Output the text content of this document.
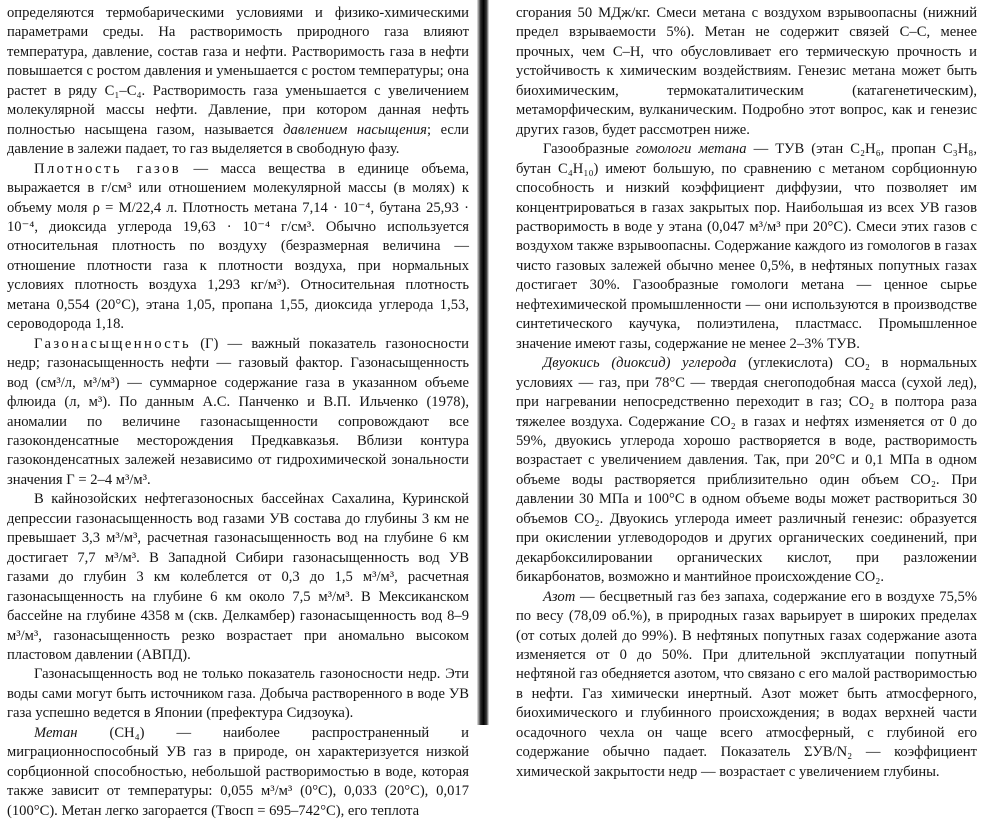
определяются термобарическими условиями и физико-химическими параметрами среды. На растворимость природного газа влияют температура, давление, состав газа и нефти. Растворимость газа в нефти повышается с ростом давления и уменьшается с ростом температуры; она растет в ряду C₁–C₄. Растворимость газа уменьшается с увеличением молекулярной массы нефти. Давление, при котором данная нефть полностью насыщена газом, называется давлением насыщения; если давление в залежи падает, то газ выделяется в свободную фазу.

Плотность газов — масса вещества в единице объема, выражается в г/см³ или отношением молекулярной массы (в молях) к объему моля ρ = M/22,4 л. Плотность метана 7,14 · 10⁻⁴, бутана 25,93 · 10⁻⁴, диоксида углерода 19,63 · 10⁻⁴ г/см³. Обычно используется относительная плотность по воздуху (безразмерная величина — отношение плотности газа к плотности воздуха, при нормальных условиях плотность воздуха 1,293 кг/м³). Относительная плотность метана 0,554 (20°С), этана 1,05, пропана 1,55, диоксида углерода 1,53, сероводорода 1,18.

Газонасыщенность (Г) — важный показатель газоносности недр; газонасыщенность нефти — газовый фактор. Газонасыщенность вод (см³/л, м³/м³) — суммарное содержание газа в указанном объеме флюида (л, м³). По данным А.С. Панченко и В.П. Ильченко (1978), аномалии по величине газонасыщенности сопровождают все газоконденсатные месторождения Предкавказья. Вблизи контура газоконденсатных залежей независимо от гидрохимической зональности значения Г = 2–4 м³/м³.

В кайнозойских нефтегазоносных бассейнах Сахалина, Куринской депрессии газонасыщенность вод газами УВ состава до глубины 3 км не превышает 3,3 м³/м³, расчетная газонасыщенность вод на глубине 6 км достигает 7,7 м³/м³. В Западной Сибири газонасыщенность вод УВ газами до глубин 3 км колеблется от 0,3 до 1,5 м³/м³, расчетная газонасыщенность на глубине 6 км около 7,5 м³/м³. В Мексиканском бассейне на глубине 4358 м (скв. Делкамбер) газонасыщенность вод 8–9 м³/м³, газонасыщенность резко возрастает при аномально высоком пластовом давлении (АВПД).

Газонасыщенность вод не только показатель газоносности недр. Эти воды сами могут быть источником газа. Добыча растворенного в воде УВ газа успешно ведется в Японии (префектура Сидзоука).

Метан (CH₄) — наиболее распространенный и миграционноспособный УВ газ в природе, он характеризуется низкой сорбционной способностью, небольшой растворимостью в воде, которая также зависит от температуры: 0,055 м³/м³ (0°С), 0,033 (20°С), 0,017 (100°С). Метан легко загорается (Tвосп = 695–742°С), его теплота

сгорания 50 МДж/кг. Смеси метана с воздухом взрывоопасны (нижний предел взрываемости 5%). Метан не содержит связей С–С, менее прочных, чем С–Н, что обусловливает его термическую прочность и устойчивость к химическим воздействиям. Генезис метана может быть биохимическим, термокаталитическим (катагенетическим), метаморфическим, вулканическим. Подробно этот вопрос, как и генезис других газов, будет рассмотрен ниже.

Газообразные гомологи метана — ТУВ (этан C₂H₆, пропан C₃H₈, бутан C₄H₁₀) имеют большую, по сравнению с метаном сорбционную способность и низкий коэффициент диффузии, что позволяет им концентрироваться в газах закрытых пор. Наибольшая из всех УВ газов растворимость в воде у этана (0,047 м³/м³ при 20°С). Смеси этих газов с воздухом также взрывоопасны. Содержание каждого из гомологов в газах чисто газовых залежей обычно менее 0,5%, в нефтяных попутных газах достигает 30%. Газообразные гомологи метана — ценное сырье нефтехимической промышленности — они используются в производстве синтетического каучука, полиэтилена, пластмасс. Промышленное значение имеют газы, содержание не менее 2–3% ТУВ.

Двуокись (диоксид) углерода (углекислота) CO₂ в нормальных условиях — газ, при 78°С — твердая снегоподобная масса (сухой лед), при нагревании непосредственно переходит в газ; CO₂ в полтора раза тяжелее воздуха. Содержание CO₂ в газах и нефтях изменяется от 0 до 59%, двуокись углерода хорошо растворяется в воде, растворимость возрастает с увеличением давления. Так, при 20°С и 0,1 МПа в одном объеме воды растворяется приблизительно один объем CO₂. При давлении 30 МПа и 100°С в одном объеме воды может раствориться 30 объемов CO₂. Двуокись углерода имеет различный генезис: образуется при окислении углеводородов и других органических соединений, при декарбоксилировании органических кислот, при разложении бикарбонатов, возможно и мантийное происхождение CO₂.

Азот — бесцветный газ без запаха, содержание его в воздухе 75,5% по весу (78,09 об.%), в природных газах варьирует в широких пределах (от сотых долей до 99%). В нефтяных попутных газах содержание азота изменяется от 0 до 50%. При длительной эксплуатации попутный нефтяной газ обедняется азотом, что связано с его малой растворимостью в нефти. Газ химически инертный. Азот может быть атмосферного, биохимического и глубинного происхождения; в водах верхней части осадочного чехла он чаще всего атмосферный, с глубиной его содержание обычно падает. Показатель ΣУВ/N₂ — коэффициент химической закрытости недр — возрастает с увеличением глубины.
